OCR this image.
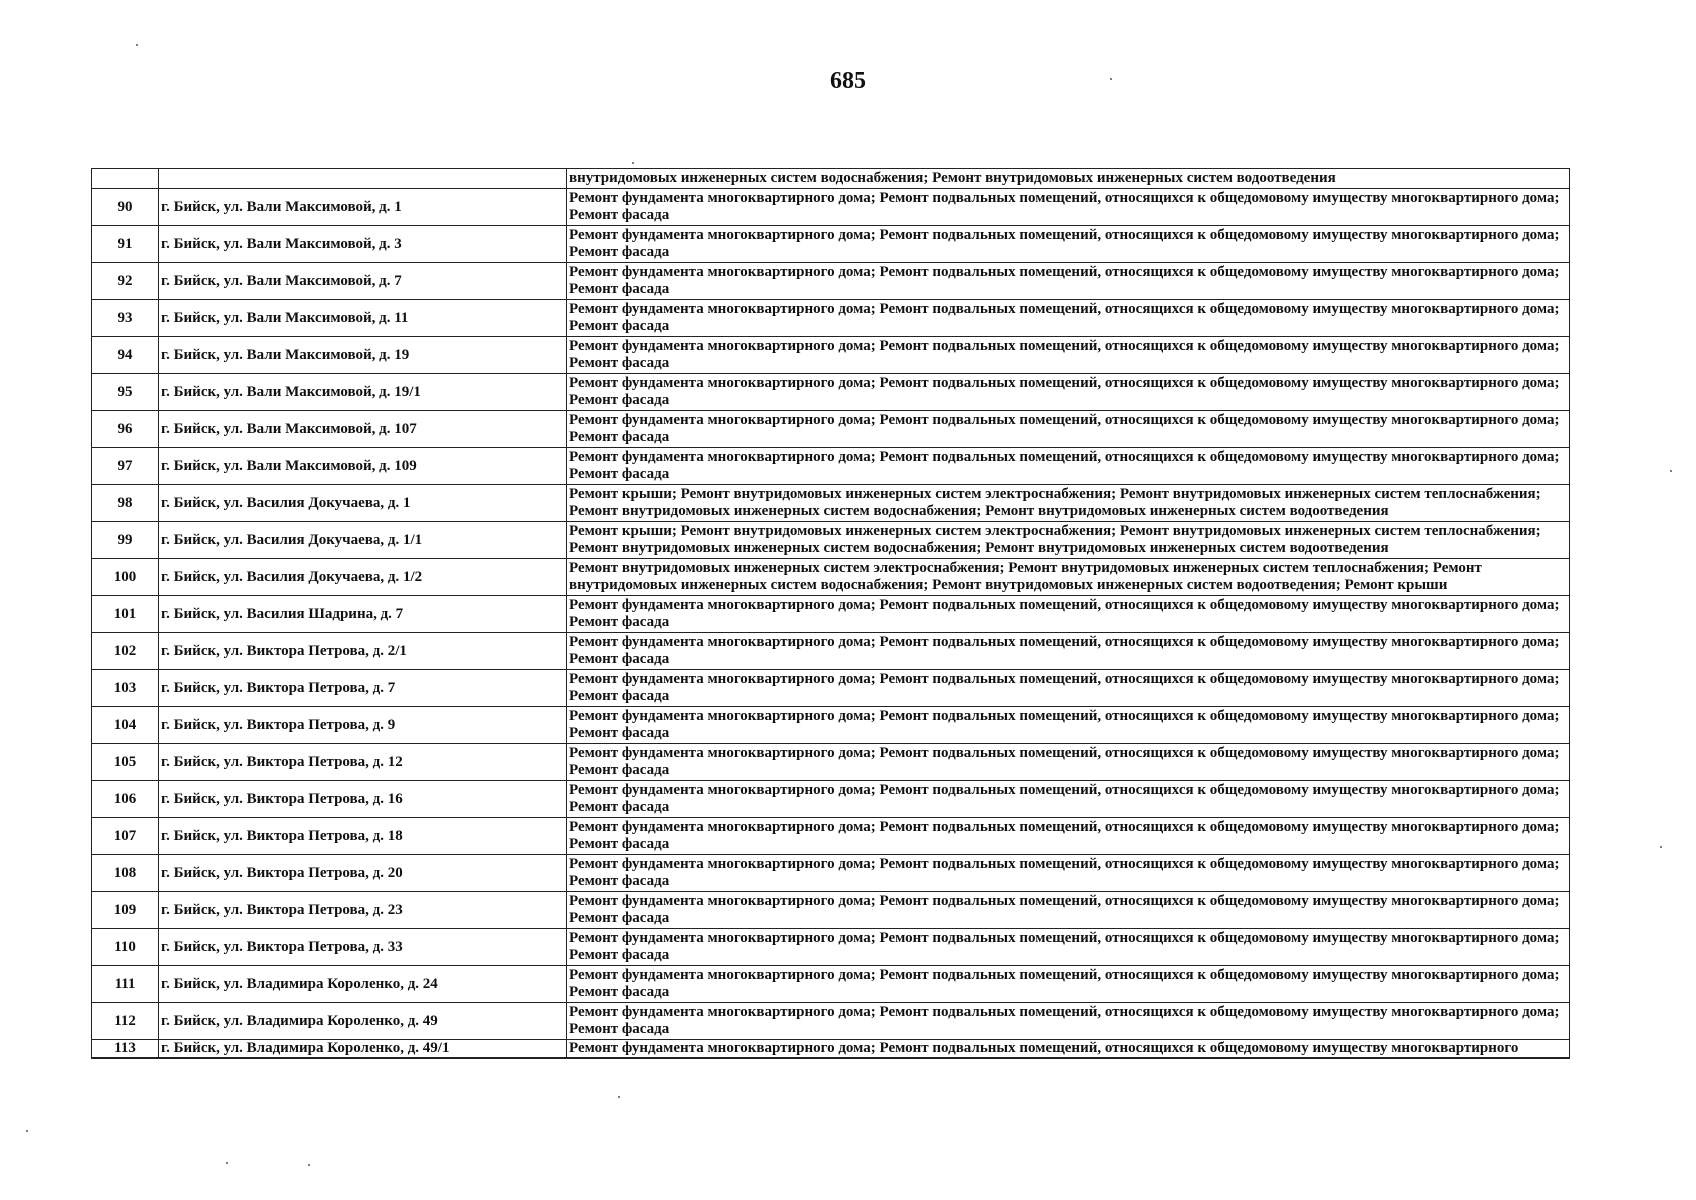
685
		внутридомовых инженерных систем водоснабжения; Ремонт внутридомовых инженерных систем водоотведения
90	г. Бийск, ул. Вали Максимовой, д. 1	Ремонт фундамента многоквартирного дома; Ремонт подвальных помещений, относящихся к общедомовому имуществу многоквартирного дома; Ремонт фасада
91	г. Бийск, ул. Вали Максимовой, д. 3	Ремонт фундамента многоквартирного дома; Ремонт подвальных помещений, относящихся к общедомовому имуществу многоквартирного дома; Ремонт фасада
92	г. Бийск, ул. Вали Максимовой, д. 7	Ремонт фундамента многоквартирного дома; Ремонт подвальных помещений, относящихся к общедомовому имуществу многоквартирного дома; Ремонт фасада
93	г. Бийск, ул. Вали Максимовой, д. 11	Ремонт фундамента многоквартирного дома; Ремонт подвальных помещений, относящихся к общедомовому имуществу многоквартирного дома; Ремонт фасада
94	г. Бийск, ул. Вали Максимовой, д. 19	Ремонт фундамента многоквартирного дома; Ремонт подвальных помещений, относящихся к общедомовому имуществу многоквартирного дома; Ремонт фасада
95	г. Бийск, ул. Вали Максимовой, д. 19/1	Ремонт фундамента многоквартирного дома; Ремонт подвальных помещений, относящихся к общедомовому имуществу многоквартирного дома; Ремонт фасада
96	г. Бийск, ул. Вали Максимовой, д. 107	Ремонт фундамента многоквартирного дома; Ремонт подвальных помещений, относящихся к общедомовому имуществу многоквартирного дома; Ремонт фасада
97	г. Бийск, ул. Вали Максимовой, д. 109	Ремонт фундамента многоквартирного дома; Ремонт подвальных помещений, относящихся к общедомовому имуществу многоквартирного дома; Ремонт фасада
98	г. Бийск, ул. Василия Докучаева, д. 1	Ремонт крыши; Ремонт внутридомовых инженерных систем электроснабжения; Ремонт внутридомовых инженерных систем теплоснабжения; Ремонт внутридомовых инженерных систем водоснабжения; Ремонт внутридомовых инженерных систем водоотведения
99	г. Бийск, ул. Василия Докучаева, д. 1/1	Ремонт крыши; Ремонт внутридомовых инженерных систем электроснабжения; Ремонт внутридомовых инженерных систем теплоснабжения; Ремонт внутридомовых инженерных систем водоснабжения; Ремонт внутридомовых инженерных систем водоотведения
100	г. Бийск, ул. Василия Докучаева, д. 1/2	Ремонт внутридомовых инженерных систем электроснабжения; Ремонт внутридомовых инженерных систем теплоснабжения; Ремонт внутридомовых инженерных систем водоснабжения; Ремонт внутридомовых инженерных систем водоотведения; Ремонт крыши
101	г. Бийск, ул. Василия Шадрина, д. 7	Ремонт фундамента многоквартирного дома; Ремонт подвальных помещений, относящихся к общедомовому имуществу многоквартирного дома; Ремонт фасада
102	г. Бийск, ул. Виктора Петрова, д. 2/1	Ремонт фундамента многоквартирного дома; Ремонт подвальных помещений, относящихся к общедомовому имуществу многоквартирного дома; Ремонт фасада
103	г. Бийск, ул. Виктора Петрова, д. 7	Ремонт фундамента многоквартирного дома; Ремонт подвальных помещений, относящихся к общедомовому имуществу многоквартирного дома; Ремонт фасада
104	г. Бийск, ул. Виктора Петрова, д. 9	Ремонт фундамента многоквартирного дома; Ремонт подвальных помещений, относящихся к общедомовому имуществу многоквартирного дома; Ремонт фасада
105	г. Бийск, ул. Виктора Петрова, д. 12	Ремонт фундамента многоквартирного дома; Ремонт подвальных помещений, относящихся к общедомовому имуществу многоквартирного дома; Ремонт фасада
106	г. Бийск, ул. Виктора Петрова, д. 16	Ремонт фундамента многоквартирного дома; Ремонт подвальных помещений, относящихся к общедомовому имуществу многоквартирного дома; Ремонт фасада
107	г. Бийск, ул. Виктора Петрова, д. 18	Ремонт фундамента многоквартирного дома; Ремонт подвальных помещений, относящихся к общедомовому имуществу многоквартирного дома; Ремонт фасада
108	г. Бийск, ул. Виктора Петрова, д. 20	Ремонт фундамента многоквартирного дома; Ремонт подвальных помещений, относящихся к общедомовому имуществу многоквартирного дома; Ремонт фасада
109	г. Бийск, ул. Виктора Петрова, д. 23	Ремонт фундамента многоквартирного дома; Ремонт подвальных помещений, относящихся к общедомовому имуществу многоквартирного дома; Ремонт фасада
110	г. Бийск, ул. Виктора Петрова, д. 33	Ремонт фундамента многоквартирного дома; Ремонт подвальных помещений, относящихся к общедомовому имуществу многоквартирного дома; Ремонт фасада
111	г. Бийск, ул. Владимира Короленко, д. 24	Ремонт фундамента многоквартирного дома; Ремонт подвальных помещений, относящихся к общедомовому имуществу многоквартирного дома; Ремонт фасада
112	г. Бийск, ул. Владимира Короленко, д. 49	Ремонт фундамента многоквартирного дома; Ремонт подвальных помещений, относящихся к общедомовому имуществу многоквартирного дома; Ремонт фасада
113	г. Бийск, ул. Владимира Короленко, д. 49/1	Ремонт фундамента многоквартирного дома; Ремонт подвальных помещений, относящихся к общедомовому имуществу многоквартирного
